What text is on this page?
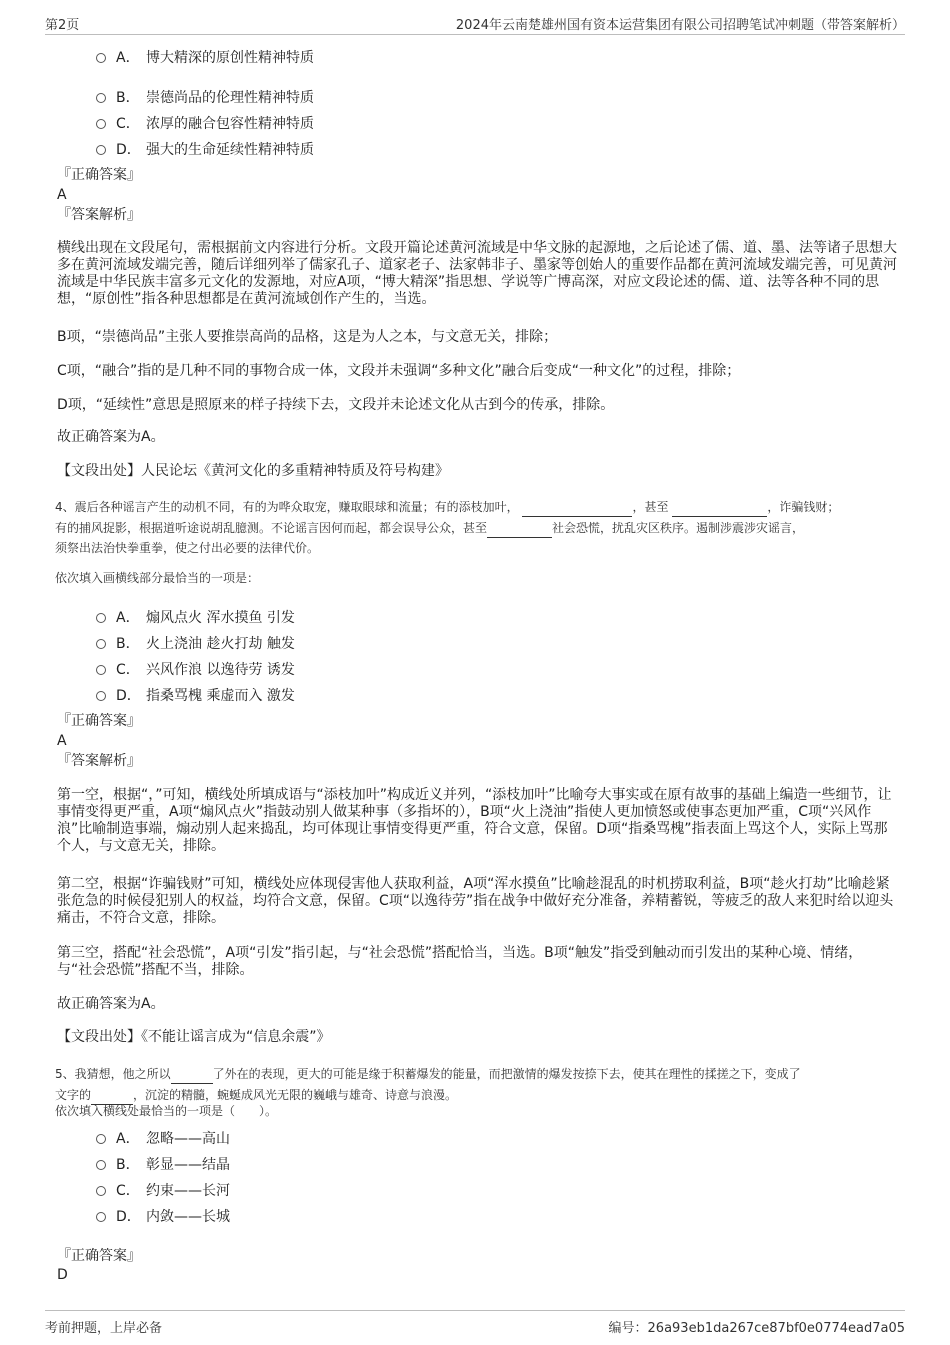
第2页	2024年云南楚雄州国有资本运营集团有限公司招聘笔试冲刺题（带答案解析）
A． 博大精深的原创性精神特质
B． 崇德尚品的伦理性精神特质
C． 浓厚的融合包容性精神特质
D． 强大的生命延续性精神特质
『正确答案』
A
『答案解析』
横线出现在文段尾句，需根据前文内容进行分析。文段开篇论述黄河流域是中华文脉的起源地，之后论述了儒、道、墨、法等诸子思想大多在黄河流域发端完善，随后详细列举了儒家孔子、道家老子、法家韩非子、墨家等创始人的重要作品都在黄河流域发端完善，可见黄河流域是中华民族丰富多元文化的发源地，对应A项，“博大精深”指思想、学说等广博高深，对应文段论述的儒、道、法等各种不同的思想，“原创性”指各种思想都是在黄河流域创作产生的，当选。
B项，“崇德尚品”主张人要推崇高尚的品格，这是为人之本，与文意无关，排除；
C项，“融合”指的是几种不同的事物合成一体，文段并未强调“多种文化”融合后变成“一种文化”的过程，排除；
D项，“延续性”意思是照原来的样子持续下去，文段并未论述文化从古到今的传承，排除。
故正确答案为A。
【文段出处】人民论坛《黄河文化的多重精神特质及符号构建》
4、震后各种谣言产生的动机不同，有的为哗众取宠，赚取眼球和流量；有的添枝加叶，	，甚至	，诈骗钱财；
有的捕风捉影，根据道听途说胡乱臆测。不论谣言因何而起，都会误导公众，甚至	社会恐慌，扰乱灾区秩序。遏制涉震涉灾谣言，
须祭出法治快拳重拳，使之付出必要的法律代价。
依次填入画横线部分最恰当的一项是：
A． 煽风点火 浑水摸鱼 引发
B． 火上浇油 趁火打劫 触发
C． 兴风作浪 以逸待劳 诱发
D． 指桑骂槐 乘虚而入 激发
『正确答案』
A
『答案解析』
第一空，根据“，”可知，横线处所填成语与“添枝加叶”构成近义并列，“添枝加叶”比喻夸大事实或在原有故事的基础上编造一些细节，让事情变得更严重，A项“煽风点火”指鼓动别人做某种事（多指坏的），B项“火上浇油”指使人更加愤怒或使事态更加严重，C项“兴风作浪”比喻制造事端，煽动别人起来捣乱，均可体现让事情变得更严重，符合文意，保留。D项“指桑骂槐”指表面上骂这个人，实际上骂那个人，与文意无关，排除。
第二空，根据“诈骗钱财”可知，横线处应体现侵害他人获取利益，A项“浑水摸鱼”比喻趁混乱的时机捞取利益，B项“趁火打劫”比喻趁紧张危急的时候侵犯别人的权益，均符合文意，保留。C项“以逸待劳”指在战争中做好充分准备，养精蓄锐，等疲乏的敌人来犯时给以迎头痛击，不符合文意，排除。
第三空，搭配“社会恐慌”，A项“引发”指引起，与“社会恐慌”搭配恰当，当选。B项“触发”指受到触动而引发出的某种心境、情绪，与“社会恐慌”搭配不当，排除。
故正确答案为A。
【文段出处】《不能让谣言成为“信息余震”》
5、我猜想，他之所以	了外在的表现，更大的可能是缘于积蓄爆发的能量，而把激情的爆发按捺下去，使其在理性的揉搓之下，变成了
文字的	，沉淀的精髓，蜿蜒成风光无限的巍峨与雄奇、诗意与浪漫。
依次填入横线处最恰当的一项是（　　）。
A． 忽略——高山
B． 彰显——结晶
C． 约束——长河
D． 内敛——长城
『正确答案』
D
考前押题，上岸必备	编号：26a93eb1da267ce87bf0e0774ead7a05
